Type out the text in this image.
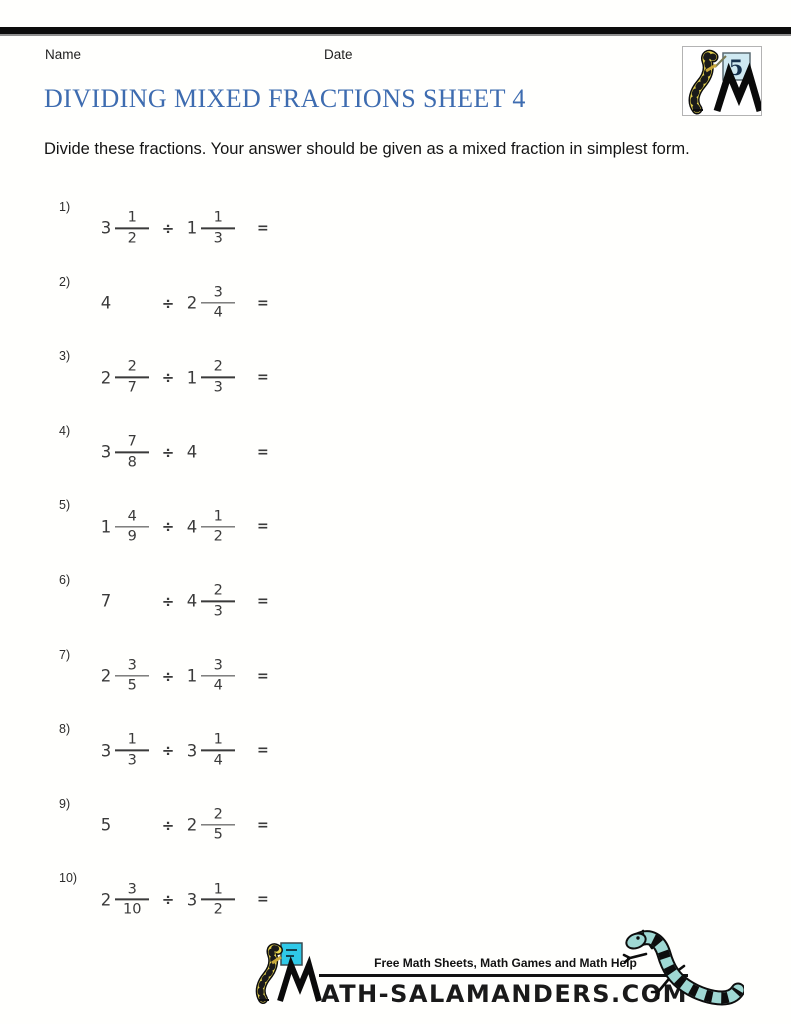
Name	Date
5
DIVIDING MIXED FRACTIONS SHEET 4
Divide these fractions. Your answer should be given as a mixed fraction in simplest form.
1)
$3 \frac{1}{2} \div 1 \frac{1}{3}$ =
2)
4	÷ $2 \frac{3}{4}$ =
3)
$2 \frac{2}{7} \div 1 \frac{2}{3}$ =
4)
$3 \frac{7}{8} \div 4$	=
5)
$1 \frac{4}{9} \div 4 \frac{1}{2}$ =
6)
7	÷ $4 \frac{2}{3}$ =
7)
$2 \frac{3}{5} \div 1 \frac{3}{4}$ =
8)
$3 \frac{1}{3} \div 3 \frac{1}{4}$ =
9)
5	÷ $2 \frac{2}{5}$ =
10)
$2 \frac{3}{10} \div 3 \frac{1}{2}$ =
Free Math Sheets, Math Games and Math Help
ATH-SALAMANDERS.COM
